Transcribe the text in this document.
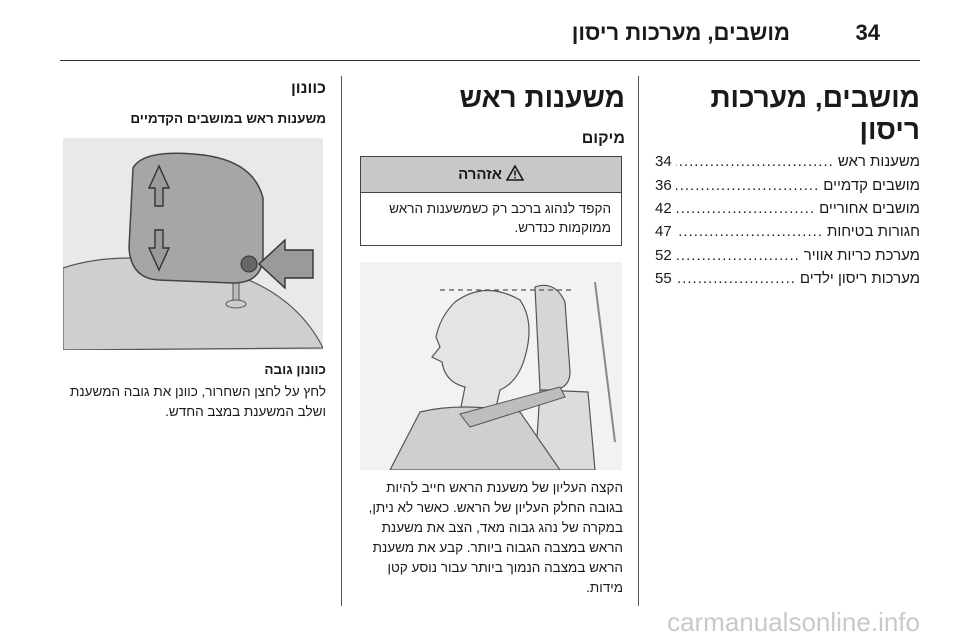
מושבים, מערכות ריסון	34
מושבים, מערכות ריסון
משענות ראש
.....
34
מושבים קדמיים
.....
36
מושבים אחוריים
.....
42
חגורות בטיחות
.....
47
מערכת כריות אוויר
.....
52
מערכות ריסון ילדים
.....
55
משענות ראש
מיקום
אזהרה
הקפד לנהוג ברכב רק כשמשענות הראש ממוקמות כנדרש.

הקצה העליון של משענת הראש חייב להיות בגובה החלק העליון של הראש. כאשר לא ניתן, במקרה של נהג גבוה מאד, הצב את משענת הראש במצבה הגבוה ביותר. קבע את משענת הראש במצבה הנמוך ביותר עבור נוסע קטן מידות.

כוונון
משענות ראש במושבים הקדמיים
כוונון גובה

לחץ על לחצן השחרור, כוונן את גובה המשענת ושלב המשענת במצב החדש.

carmanualsonline.info
